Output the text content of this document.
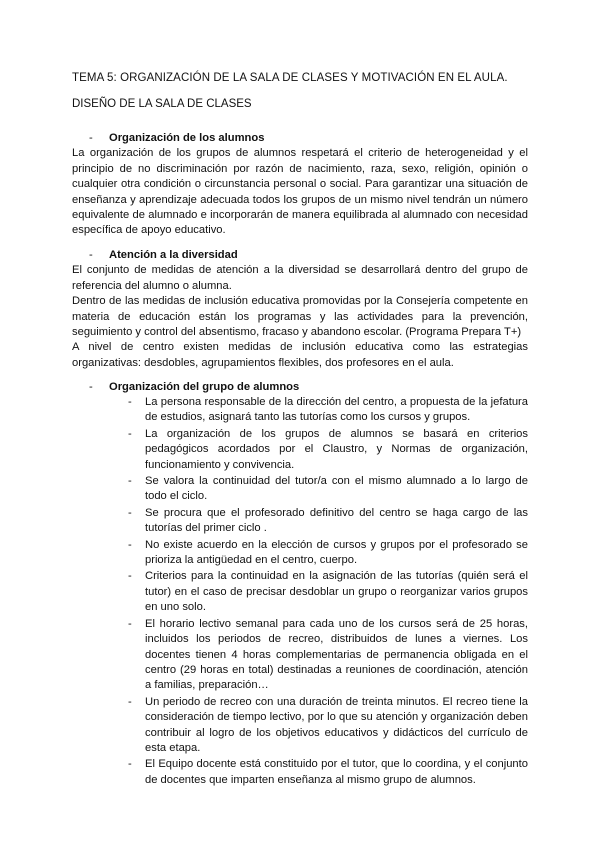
TEMA 5: ORGANIZACIÓN DE LA SALA DE CLASES Y MOTIVACIÓN EN EL AULA.
DISEÑO DE LA SALA DE CLASES
- Organización de los alumnos
La organización de los grupos de alumnos respetará el criterio de heterogeneidad y el principio de no discriminación por razón de nacimiento, raza, sexo, religión, opinión o cualquier otra condición o circunstancia personal o social. Para garantizar una situación de enseñanza y aprendizaje adecuada todos los grupos de un mismo nivel tendrán un número equivalente de alumnado e incorporarán de manera equilibrada al alumnado con necesidad específica de apoyo educativo.
- Atención a la diversidad
El conjunto de medidas de atención a la diversidad se desarrollará dentro del grupo de referencia del alumno o alumna.
Dentro de las medidas de inclusión educativa promovidas por la Consejería competente en materia de educación están los programas y las actividades para la prevención, seguimiento y control del absentismo, fracaso y abandono escolar. (Programa Prepara T+)
A nivel de centro existen medidas de inclusión educativa como las estrategias organizativas: desdobles, agrupamientos flexibles, dos profesores en el aula.
- Organización del grupo de alumnos
- La persona responsable de la dirección del centro, a propuesta de la jefatura de estudios, asignará tanto las tutorías como los cursos y grupos.
- La organización de los grupos de alumnos se basará en criterios pedagógicos acordados por el Claustro, y Normas de organización, funcionamiento y convivencia.
- Se valora la continuidad del tutor/a con el mismo alumnado a lo largo de todo el ciclo.
- Se procura que el profesorado definitivo del centro se haga cargo de las tutorías del primer ciclo .
- No existe acuerdo en la elección de cursos y grupos por el profesorado se prioriza la antigüedad en el centro, cuerpo.
- Criterios para la continuidad en la asignación de las tutorías (quién será el tutor) en el caso de precisar desdoblar un grupo o reorganizar varios grupos en uno solo.
- El horario lectivo semanal para cada uno de los cursos será de 25 horas, incluidos los periodos de recreo, distribuidos de lunes a viernes. Los docentes tienen 4 horas complementarias de permanencia obligada en el centro (29 horas en total) destinadas a reuniones de coordinación, atención a familias, preparación…
- Un periodo de recreo con una duración de treinta minutos. El recreo tiene la consideración de tiempo lectivo, por lo que su atención y organización deben contribuir al logro de los objetivos educativos y didácticos del currículo de esta etapa.
- El Equipo docente está constituido por el tutor, que lo coordina, y el conjunto de docentes que imparten enseñanza al mismo grupo de alumnos.
